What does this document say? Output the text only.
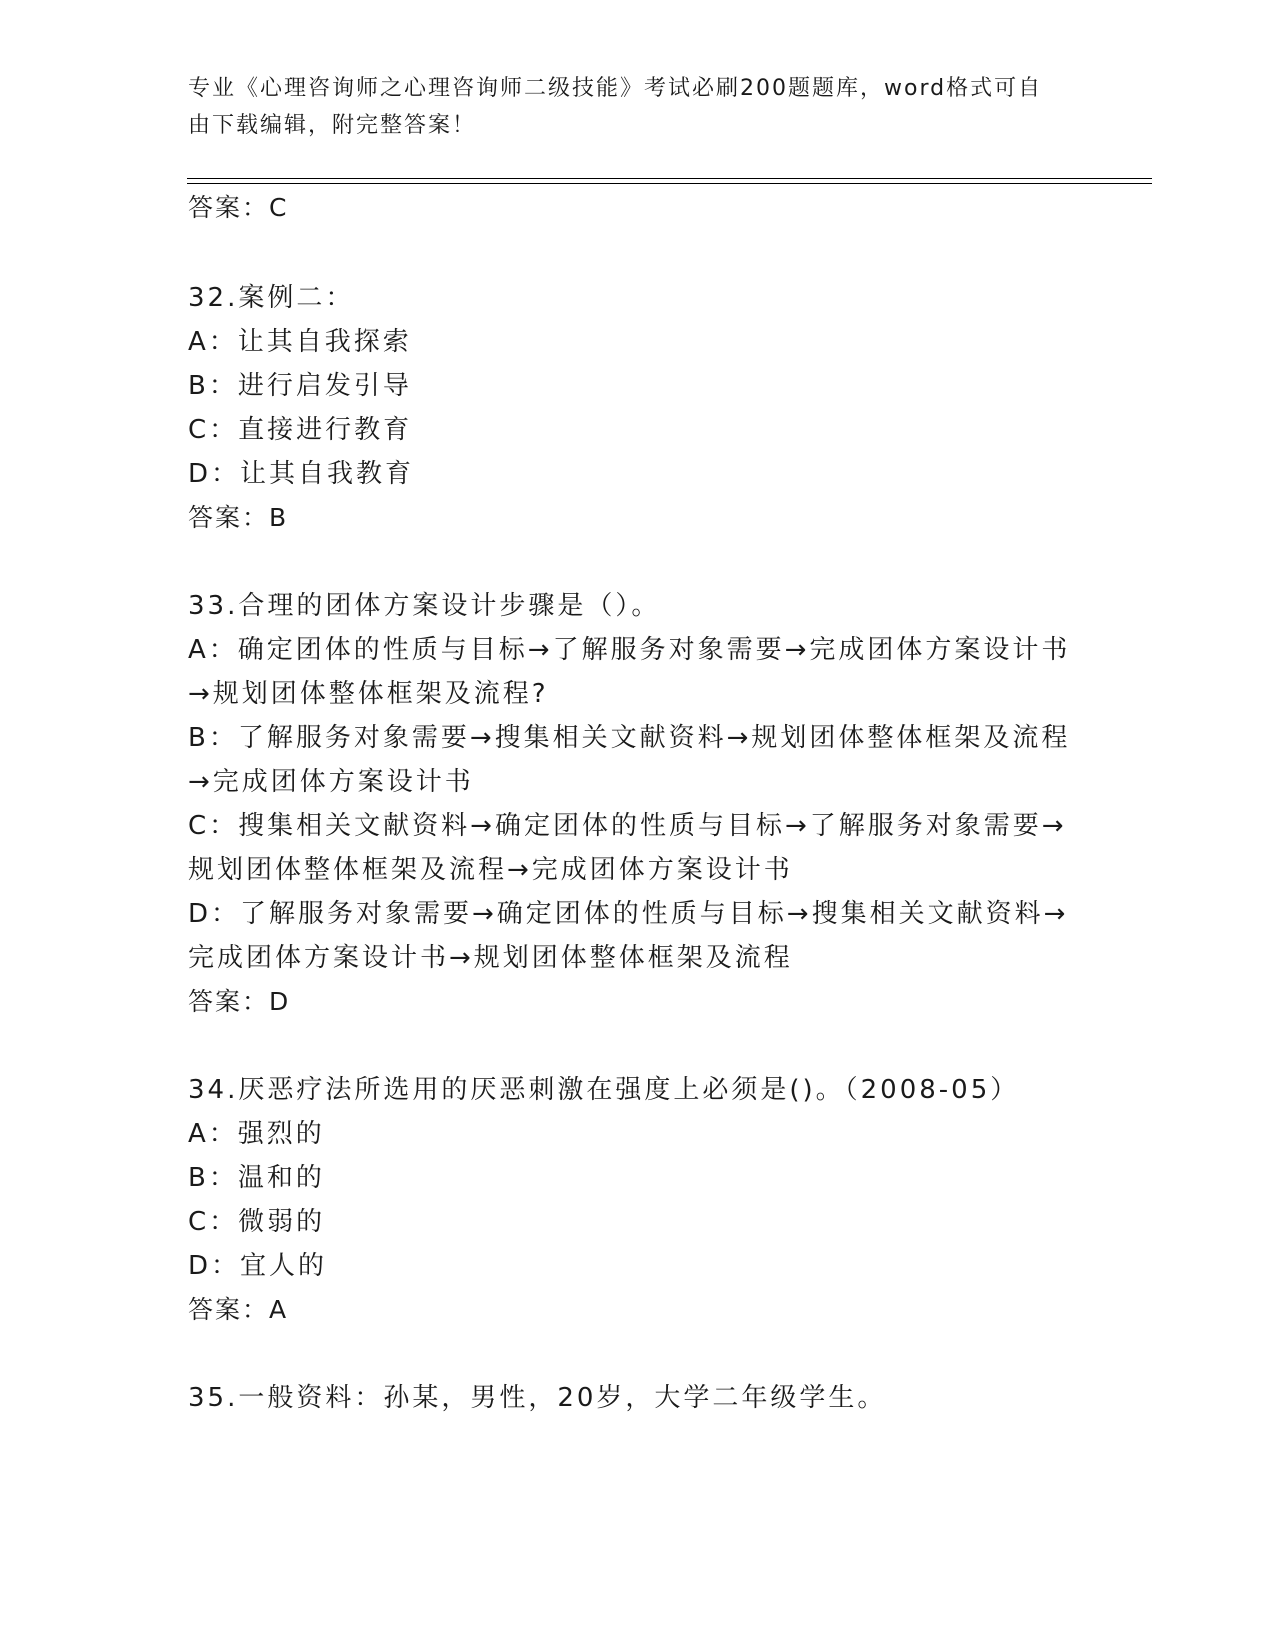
专业《心理咨询师之心理咨询师二级技能》考试必刷200题题库，word格式可自
由下载编辑，附完整答案！
答案：C
32.案例二：
A：让其自我探索
B：进行启发引导
C：直接进行教育
D：让其自我教育
答案：B
33.合理的团体方案设计步骤是（）。
A：确定团体的性质与目标→了解服务对象需要→完成团体方案设计书
→规划团体整体框架及流程?
B：了解服务对象需要→搜集相关文献资料→规划团体整体框架及流程
→完成团体方案设计书
C：搜集相关文献资料→确定团体的性质与目标→了解服务对象需要→
规划团体整体框架及流程→完成团体方案设计书
D：了解服务对象需要→确定团体的性质与目标→搜集相关文献资料→
完成团体方案设计书→规划团体整体框架及流程
答案：D
34.厌恶疗法所选用的厌恶刺激在强度上必须是()。（2008-05）
A：强烈的
B：温和的
C：微弱的
D：宜人的
答案：A
35.一般资料：孙某，男性，20岁，大学二年级学生。
